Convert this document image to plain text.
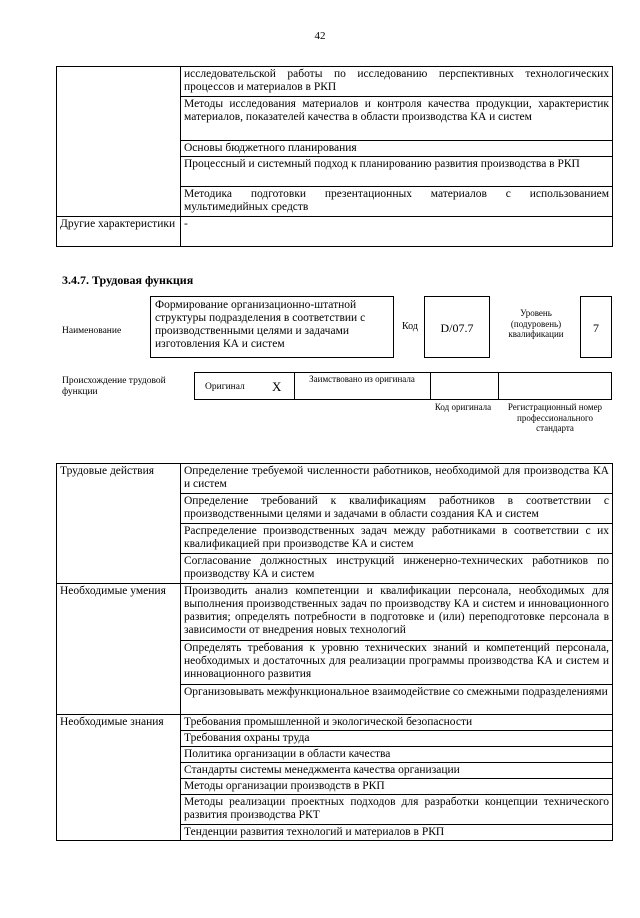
42
	исследовательской работы по исследованию перспективных технологических процессов и материалов в РКП
	Методы исследования материалов и контроля качества продукции, характеристик материалов, показателей качества в области производства КА и систем
	Основы бюджетного планирования
	Процессный и системный подход к планированию развития производства в РКП
	Методика подготовки презентационных материалов с использованием мультимедийных средств
Другие характеристики	-
3.4.7. Трудовая функция
Наименование
Формирование организационно-штатной структуры подразделения в соответствии с производственными целями и задачами изготовления КА и систем
Код	D/07.7
Уровень (подуровень) квалификации	7
Происхождение трудовой функции	Оригинал X	Заимствовано из оригинала
Код оригинала	Регистрационный номер профессионального стандарта
Трудовые действия	Определение требуемой численности работников, необходимой для производства КА и систем
	Определение требований к квалификациям работников в соответствии с производственными целями и задачами в области создания КА и систем
	Распределение производственных задач между работниками в соответствии с их квалификацией при производстве КА и систем
	Согласование должностных инструкций инженерно-технических работников по производству КА и систем
Необходимые умения	Производить анализ компетенции и квалификации персонала, необходимых для выполнения производственных задач по производству КА и систем и инновационного развития; определять потребности в подготовке и (или) переподготовке персонала в зависимости от внедрения новых технологий
	Определять требования к уровню технических знаний и компетенций персонала, необходимых и достаточных для реализации программы производства КА и систем и инновационного развития
	Организовывать межфункциональное взаимодействие со смежными подразделениями
Необходимые знания	Требования промышленной и экологической безопасности
	Требования охраны труда
	Политика организации в области качества
	Стандарты системы менеджмента качества организации
	Методы организации производств в РКП
	Методы реализации проектных подходов для разработки концепции технического развития производства РКТ
	Тенденции развития технологий и материалов в РКП
